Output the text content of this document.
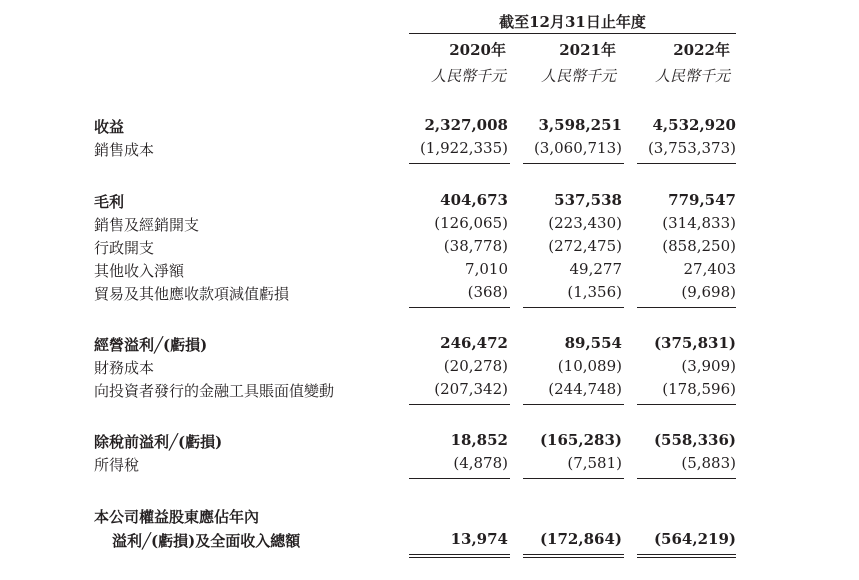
截至12月31日止年度
2020年	2021年	2022年
人民幣千元	人民幣千元	人民幣千元
收益	2,327,008	3,598,251	4,532,920
銷售成本	(1,922,335)	(3,060,713)	(3,753,373)
毛利	404,673	537,538	779,547
銷售及經銷開支	(126,065)	(223,430)	(314,833)
行政開支	(38,778)	(272,475)	(858,250)
其他收入淨額	7,010	49,277	27,403
貿易及其他應收款項減值虧損	(368)	(1,356)	(9,698)
經營溢利╱(虧損)	246,472	89,554	(375,831)
財務成本	(20,278)	(10,089)	(3,909)
向投資者發行的金融工具賬面值變動	(207,342)	(244,748)	(178,596)
除稅前溢利╱(虧損)	18,852	(165,283)	(558,336)
所得稅	(4,878)	(7,581)	(5,883)
本公司權益股東應佔年內
溢利╱(虧損)及全面收入總額	13,974	(172,864)	(564,219)
